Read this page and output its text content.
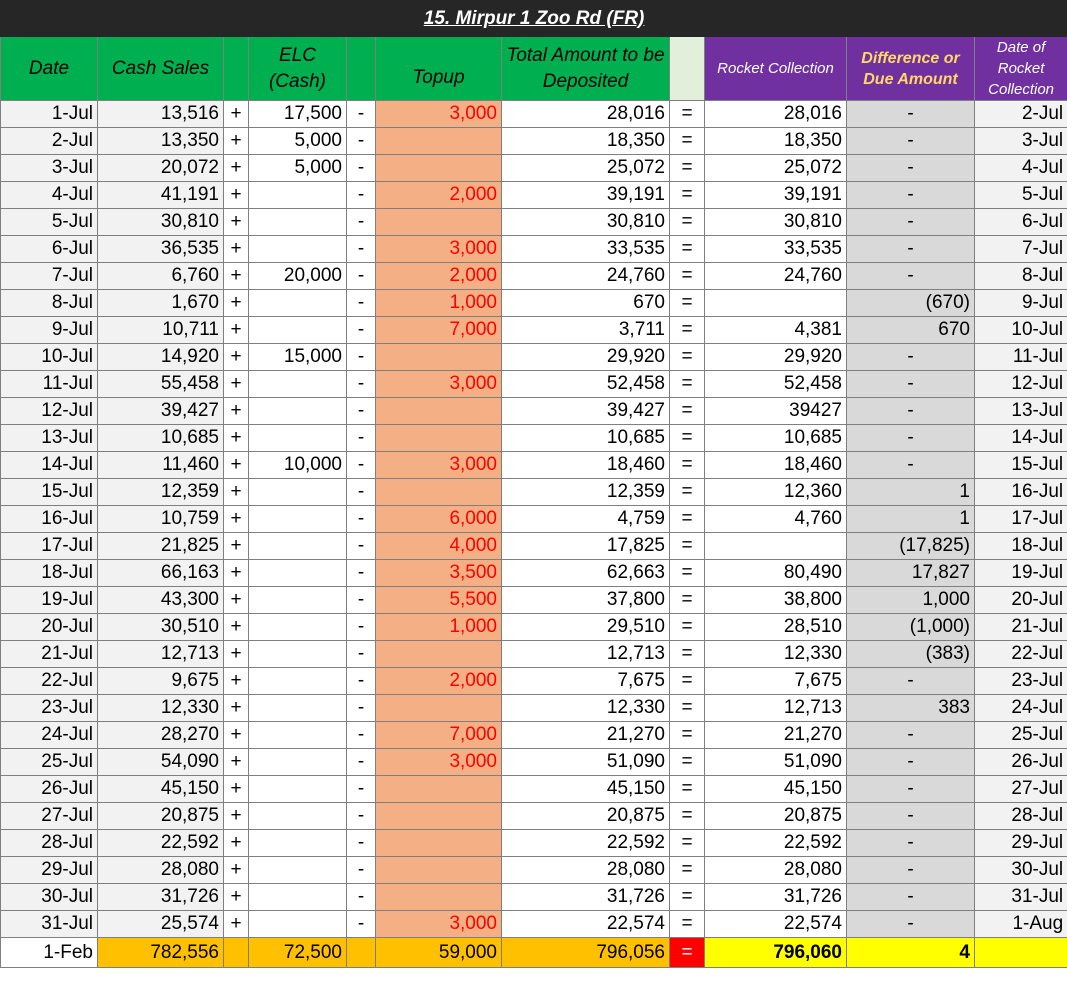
15. Mirpur 1 Zoo Rd (FR)										
Date	Cash Sales		ELC (Cash)		Topup	Total Amount to be Deposited		Rocket Collection	Difference or Due Amount	Date of Rocket Collection
1-Jul	13,516	+	17,500	-	3,000	28,016	=	28,016	-	2-Jul
2-Jul	13,350	+	5,000	-		18,350	=	18,350	-	3-Jul
3-Jul	20,072	+	5,000	-		25,072	=	25,072	-	4-Jul
4-Jul	41,191	+		-	2,000	39,191	=	39,191	-	5-Jul
5-Jul	30,810	+		-		30,810	=	30,810	-	6-Jul
6-Jul	36,535	+		-	3,000	33,535	=	33,535	-	7-Jul
7-Jul	6,760	+	20,000	-	2,000	24,760	=	24,760	-	8-Jul
8-Jul	1,670	+		-	1,000	670	=		(670)	9-Jul
9-Jul	10,711	+		-	7,000	3,711	=	4,381	670	10-Jul
10-Jul	14,920	+	15,000	-		29,920	=	29,920	-	11-Jul
11-Jul	55,458	+		-	3,000	52,458	=	52,458	-	12-Jul
12-Jul	39,427	+		-		39,427	=	39427	-	13-Jul
13-Jul	10,685	+		-		10,685	=	10,685	-	14-Jul
14-Jul	11,460	+	10,000	-	3,000	18,460	=	18,460	-	15-Jul
15-Jul	12,359	+		-		12,359	=	12,360	1	16-Jul
16-Jul	10,759	+		-	6,000	4,759	=	4,760	1	17-Jul
17-Jul	21,825	+		-	4,000	17,825	=		(17,825)	18-Jul
18-Jul	66,163	+		-	3,500	62,663	=	80,490	17,827	19-Jul
19-Jul	43,300	+		-	5,500	37,800	=	38,800	1,000	20-Jul
20-Jul	30,510	+		-	1,000	29,510	=	28,510	(1,000)	21-Jul
21-Jul	12,713	+		-		12,713	=	12,330	(383)	22-Jul
22-Jul	9,675	+		-	2,000	7,675	=	7,675	-	23-Jul
23-Jul	12,330	+		-		12,330	=	12,713	383	24-Jul
24-Jul	28,270	+		-	7,000	21,270	=	21,270	-	25-Jul
25-Jul	54,090	+		-	3,000	51,090	=	51,090	-	26-Jul
26-Jul	45,150	+		-		45,150	=	45,150	-	27-Jul
27-Jul	20,875	+		-		20,875	=	20,875	-	28-Jul
28-Jul	22,592	+		-		22,592	=	22,592	-	29-Jul
29-Jul	28,080	+		-		28,080	=	28,080	-	30-Jul
30-Jul	31,726	+		-		31,726	=	31,726	-	31-Jul
31-Jul	25,574	+		-	3,000	22,574	=	22,574	-	1-Aug
1-Feb	782,556		72,500		59,000	796,056	=	796,060	4	
